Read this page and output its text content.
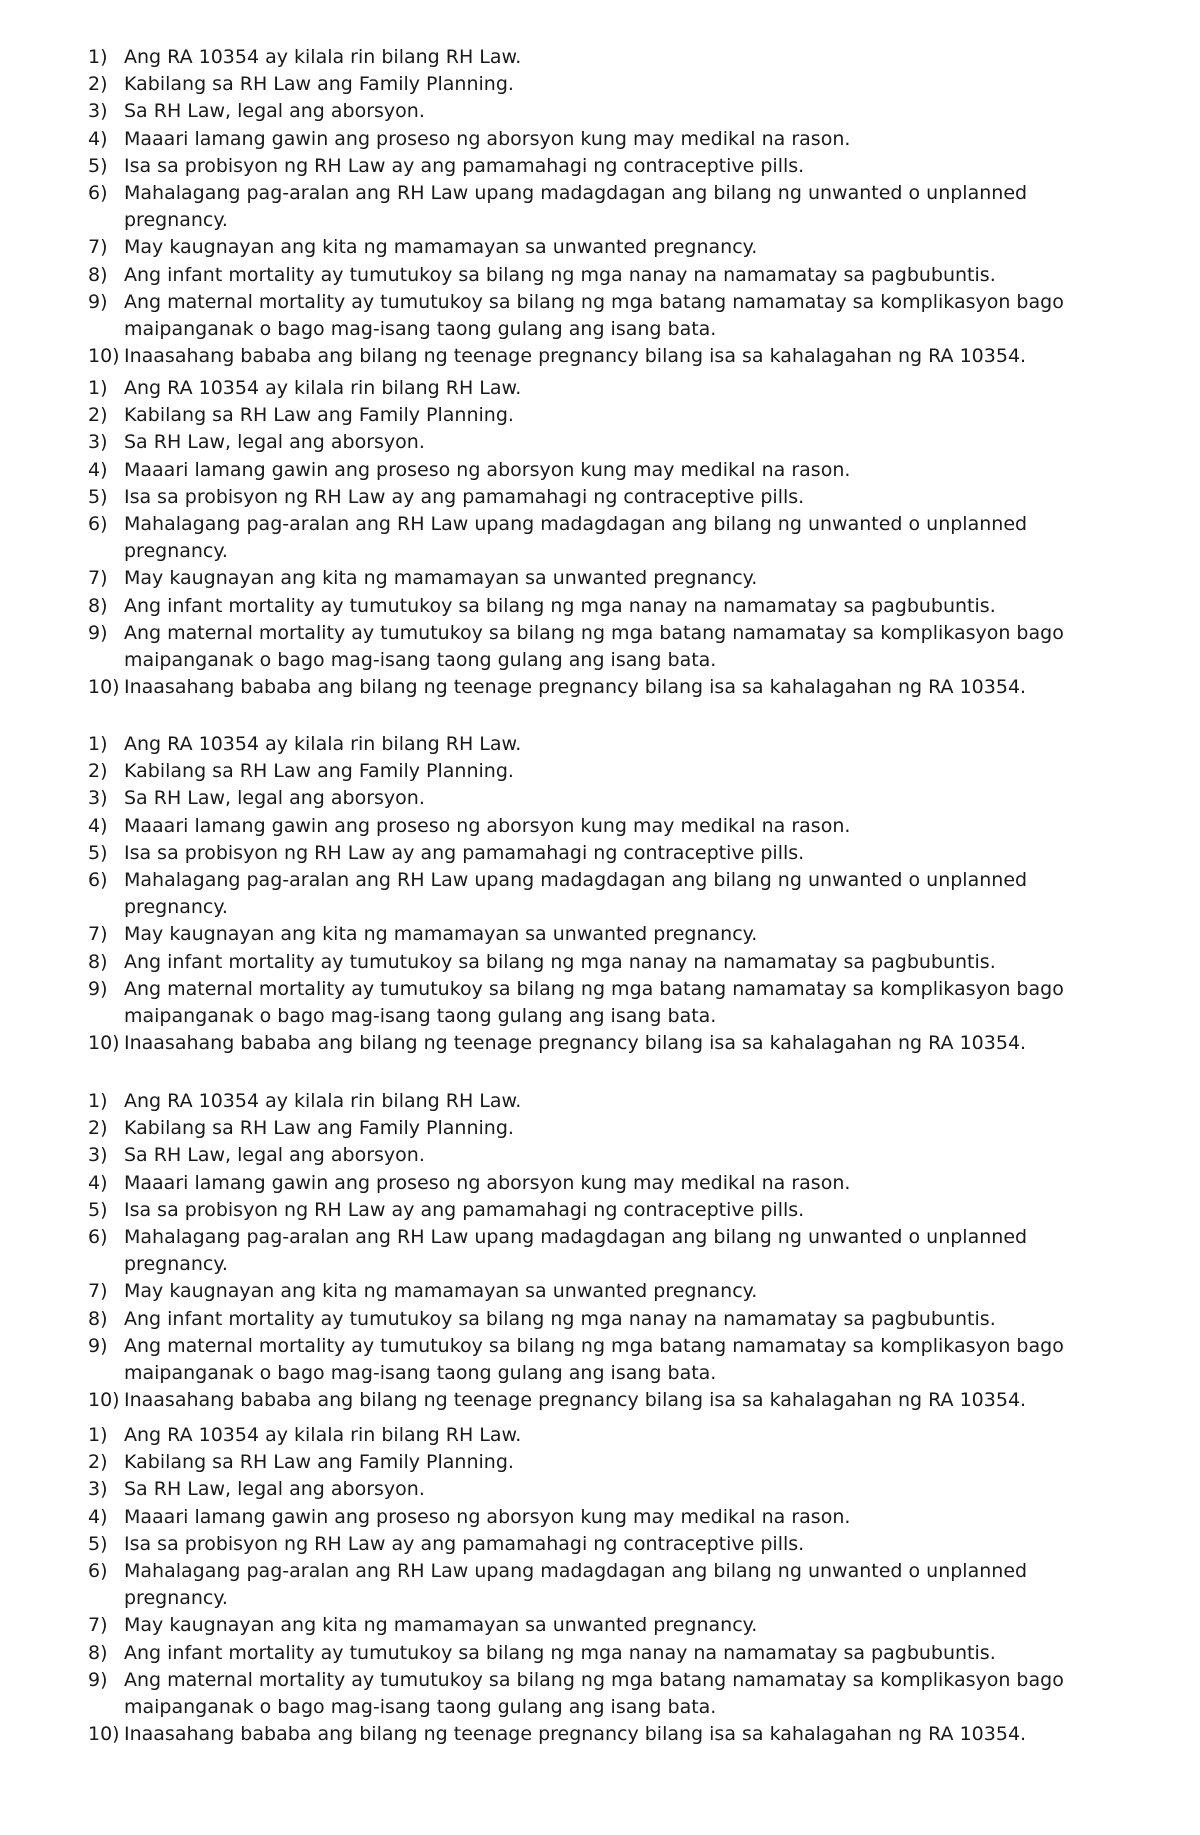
1) Ang RA 10354 ay kilala rin bilang RH Law.
2) Kabilang sa RH Law ang Family Planning.
3) Sa RH Law, legal ang aborsyon.
4) Maaari lamang gawin ang proseso ng aborsyon kung may medikal na rason.
5) Isa sa probisyon ng RH Law ay ang pamamahagi ng contraceptive pills.
6) Mahalagang pag-aralan ang RH Law upang madagdagan ang bilang ng unwanted o unplanned pregnancy.
7) May kaugnayan ang kita ng mamamayan sa unwanted pregnancy.
8) Ang infant mortality ay tumutukoy sa bilang ng mga nanay na namamatay sa pagbubuntis.
9) Ang maternal mortality ay tumutukoy sa bilang ng mga batang namamatay sa komplikasyon bago maipanganak o bago mag-isang taong gulang ang isang bata.
10) Inaasahang bababa ang bilang ng teenage pregnancy bilang isa sa kahalagahan ng RA 10354.
1) Ang RA 10354 ay kilala rin bilang RH Law.
2) Kabilang sa RH Law ang Family Planning.
3) Sa RH Law, legal ang aborsyon.
4) Maaari lamang gawin ang proseso ng aborsyon kung may medikal na rason.
5) Isa sa probisyon ng RH Law ay ang pamamahagi ng contraceptive pills.
6) Mahalagang pag-aralan ang RH Law upang madagdagan ang bilang ng unwanted o unplanned pregnancy.
7) May kaugnayan ang kita ng mamamayan sa unwanted pregnancy.
8) Ang infant mortality ay tumutukoy sa bilang ng mga nanay na namamatay sa pagbubuntis.
9) Ang maternal mortality ay tumutukoy sa bilang ng mga batang namamatay sa komplikasyon bago maipanganak o bago mag-isang taong gulang ang isang bata.
10) Inaasahang bababa ang bilang ng teenage pregnancy bilang isa sa kahalagahan ng RA 10354.
1) Ang RA 10354 ay kilala rin bilang RH Law.
2) Kabilang sa RH Law ang Family Planning.
3) Sa RH Law, legal ang aborsyon.
4) Maaari lamang gawin ang proseso ng aborsyon kung may medikal na rason.
5) Isa sa probisyon ng RH Law ay ang pamamahagi ng contraceptive pills.
6) Mahalagang pag-aralan ang RH Law upang madagdagan ang bilang ng unwanted o unplanned pregnancy.
7) May kaugnayan ang kita ng mamamayan sa unwanted pregnancy.
8) Ang infant mortality ay tumutukoy sa bilang ng mga nanay na namamatay sa pagbubuntis.
9) Ang maternal mortality ay tumutukoy sa bilang ng mga batang namamatay sa komplikasyon bago maipanganak o bago mag-isang taong gulang ang isang bata.
10) Inaasahang bababa ang bilang ng teenage pregnancy bilang isa sa kahalagahan ng RA 10354.
1) Ang RA 10354 ay kilala rin bilang RH Law.
2) Kabilang sa RH Law ang Family Planning.
3) Sa RH Law, legal ang aborsyon.
4) Maaari lamang gawin ang proseso ng aborsyon kung may medikal na rason.
5) Isa sa probisyon ng RH Law ay ang pamamahagi ng contraceptive pills.
6) Mahalagang pag-aralan ang RH Law upang madagdagan ang bilang ng unwanted o unplanned pregnancy.
7) May kaugnayan ang kita ng mamamayan sa unwanted pregnancy.
8) Ang infant mortality ay tumutukoy sa bilang ng mga nanay na namamatay sa pagbubuntis.
9) Ang maternal mortality ay tumutukoy sa bilang ng mga batang namamatay sa komplikasyon bago maipanganak o bago mag-isang taong gulang ang isang bata.
10) Inaasahang bababa ang bilang ng teenage pregnancy bilang isa sa kahalagahan ng RA 10354.
1) Ang RA 10354 ay kilala rin bilang RH Law.
2) Kabilang sa RH Law ang Family Planning.
3) Sa RH Law, legal ang aborsyon.
4) Maaari lamang gawin ang proseso ng aborsyon kung may medikal na rason.
5) Isa sa probisyon ng RH Law ay ang pamamahagi ng contraceptive pills.
6) Mahalagang pag-aralan ang RH Law upang madagdagan ang bilang ng unwanted o unplanned pregnancy.
7) May kaugnayan ang kita ng mamamayan sa unwanted pregnancy.
8) Ang infant mortality ay tumutukoy sa bilang ng mga nanay na namamatay sa pagbubuntis.
9) Ang maternal mortality ay tumutukoy sa bilang ng mga batang namamatay sa komplikasyon bago maipanganak o bago mag-isang taong gulang ang isang bata.
10) Inaasahang bababa ang bilang ng teenage pregnancy bilang isa sa kahalagahan ng RA 10354.
